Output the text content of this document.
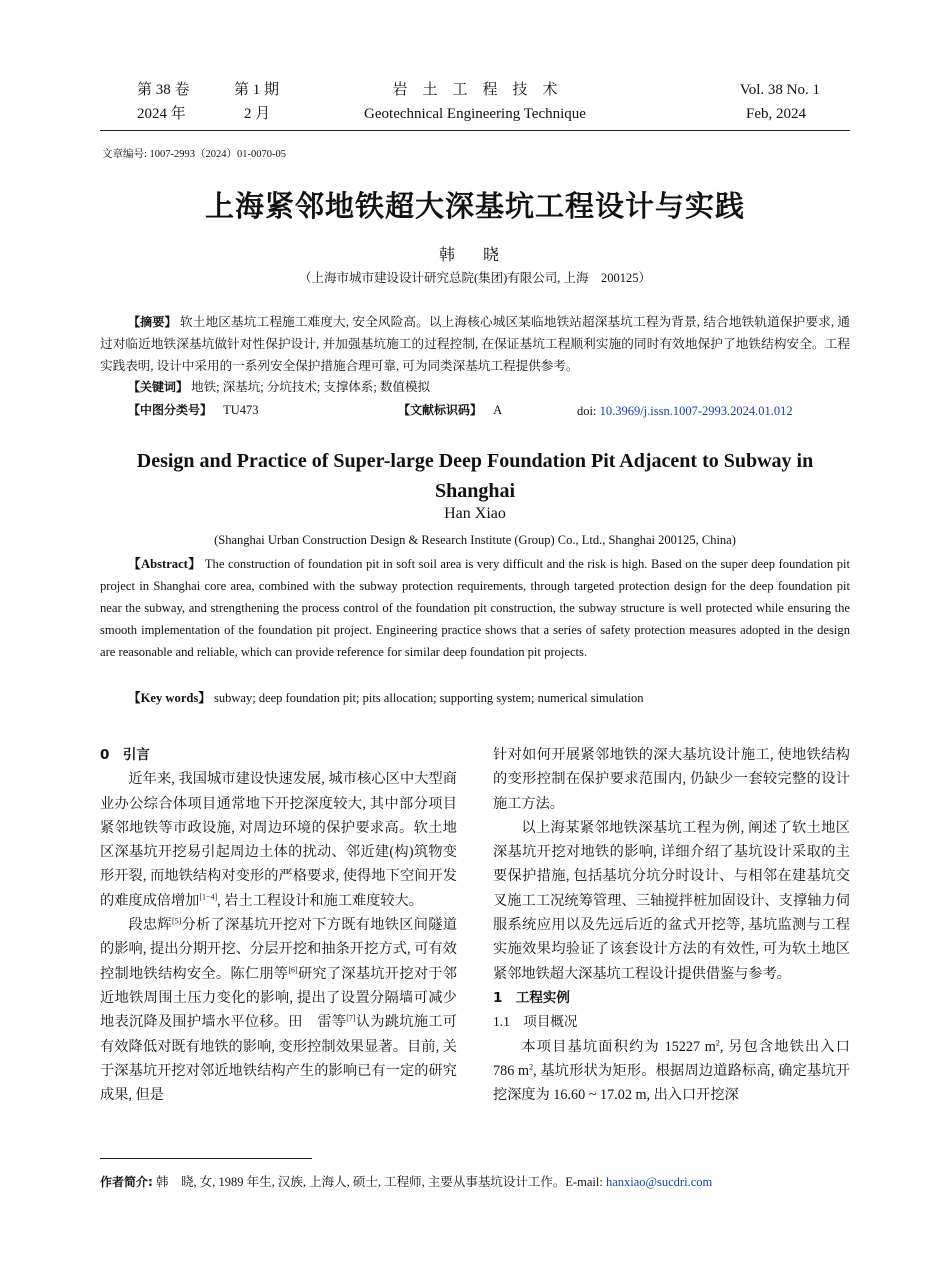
第 38 卷	第 1 期
2024 年	2 月
岩　土　工　程　技　术
Geotechnical Engineering Technique
Vol. 38 No. 1
Feb, 2024
文章编号: 1007-2993（2024）01-0070-05
上海紧邻地铁超大深基坑工程设计与实践
韩 晓
（上海市城市建设设计研究总院(集团)有限公司, 上海　200125）
【摘要】 软土地区基坑工程施工难度大, 安全风险高。以上海核心城区某临地铁站超深基坑工程为背景, 结合地铁轨道保护要求, 通过对临近地铁深基坑做针对性保护设计, 并加强基坑施工的过程控制, 在保证基坑工程顺利实施的同时有效地保护了地铁结构安全。工程实践表明, 设计中采用的一系列安全保护措施合理可靠, 可为同类深基坑工程提供参考。
【关键词】 地铁; 深基坑; 分坑技术; 支撑体系; 数值模拟
【中图分类号】 TU473	【文献标识码】 A	doi: 10.3969/j.issn.1007-2993.2024.01.012
Design and Practice of Super-large Deep Foundation Pit Adjacent to Subway in Shanghai
Han Xiao
(Shanghai Urban Construction Design & Research Institute (Group) Co., Ltd., Shanghai 200125, China)
【Abstract】 The construction of foundation pit in soft soil area is very difficult and the risk is high. Based on the super deep foundation pit project in Shanghai core area, combined with the subway protection requirements, through targeted protection design for the deep foundation pit near the subway, and strengthening the process control of the foundation pit construction, the subway structure is well protected while ensuring the smooth implementation of the foundation pit project. Engineering practice shows that a series of safety protection measures adopted in the design are reasonable and reliable, which can provide reference for similar deep foundation pit projects.
【Key words】 subway; deep foundation pit; pits allocation; supporting system; numerical simulation

0　引言

近年来, 我国城市建设快速发展, 城市核心区中大型商业办公综合体项目通常地下开挖深度较大, 其中部分项目紧邻地铁等市政设施, 对周边环境的保护要求高。软土地区深基坑开挖易引起周边土体的扰动、邻近建(构)筑物变形开裂, 而地铁结构对变形的严格要求, 使得地下空间开发的难度成倍增加[1−4], 岩土工程设计和施工难度较大。

段忠辉[5]分析了深基坑开挖对下方既有地铁区间隧道的影响, 提出分期开挖、分层开挖和抽条开挖方式, 可有效控制地铁结构安全。陈仁朋等[6]研究了深基坑开挖对于邻近地铁周围土压力变化的影响, 提出了设置分隔墙可减少地表沉降及围护墙水平位移。田　雷等[7]认为跳坑施工可有效降低对既有地铁的影响, 变形控制效果显著。目前, 关于深基坑开挖对邻近地铁结构产生的影响已有一定的研究成果, 但是

针对如何开展紧邻地铁的深大基坑设计施工, 使地铁结构的变形控制在保护要求范围内, 仍缺少一套较完整的设计施工方法。

以上海某紧邻地铁深基坑工程为例, 阐述了软土地区深基坑开挖对地铁的影响, 详细介绍了基坑设计采取的主要保护措施, 包括基坑分坑分时设计、与相邻在建基坑交叉施工工况统筹管理、三轴搅拌桩加固设计、支撑轴力伺服系统应用以及先远后近的盆式开挖等, 基坑监测与工程实施效果均验证了该套设计方法的有效性, 可为软土地区紧邻地铁超大深基坑工程设计提供借鉴与参考。

1　工程实例

1.1　项目概况

本项目基坑面积约为 15227 $m^2$, 另包含地铁出入口 786 $m^2$, 基坑形状为矩形。根据周边道路标高, 确定基坑开挖深度为 16.60 ~ 17.02 m, 出入口开挖深

作者简介: 韩　晓, 女, 1989 年生, 汉族, 上海人, 硕士, 工程师, 主要从事基坑设计工作。E-mail: hanxiao@sucdri.com
